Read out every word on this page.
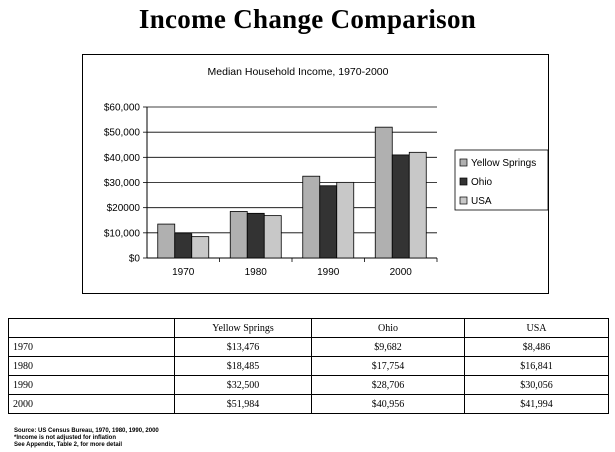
Income Change Comparison
Median Household Income, 1970-2000
$0
$10,000
$20000
$30,000
$40,000
$50,000
$60,000
1970	1980	1990	2000
Yellow Springs
Ohio
USA
	Yellow Springs	Ohio	USA
1970	$13,476	$9,682	$8,486
1980	$18,485	$17,754	$16,841
1990	$32,500	$28,706	$30,056
2000	$51,984	$40,956	$41,994
Source: US Census Bureau, 1970, 1980, 1990, 2000
*Income is not adjusted for inflation
See Appendix, Table 2, for more detail
